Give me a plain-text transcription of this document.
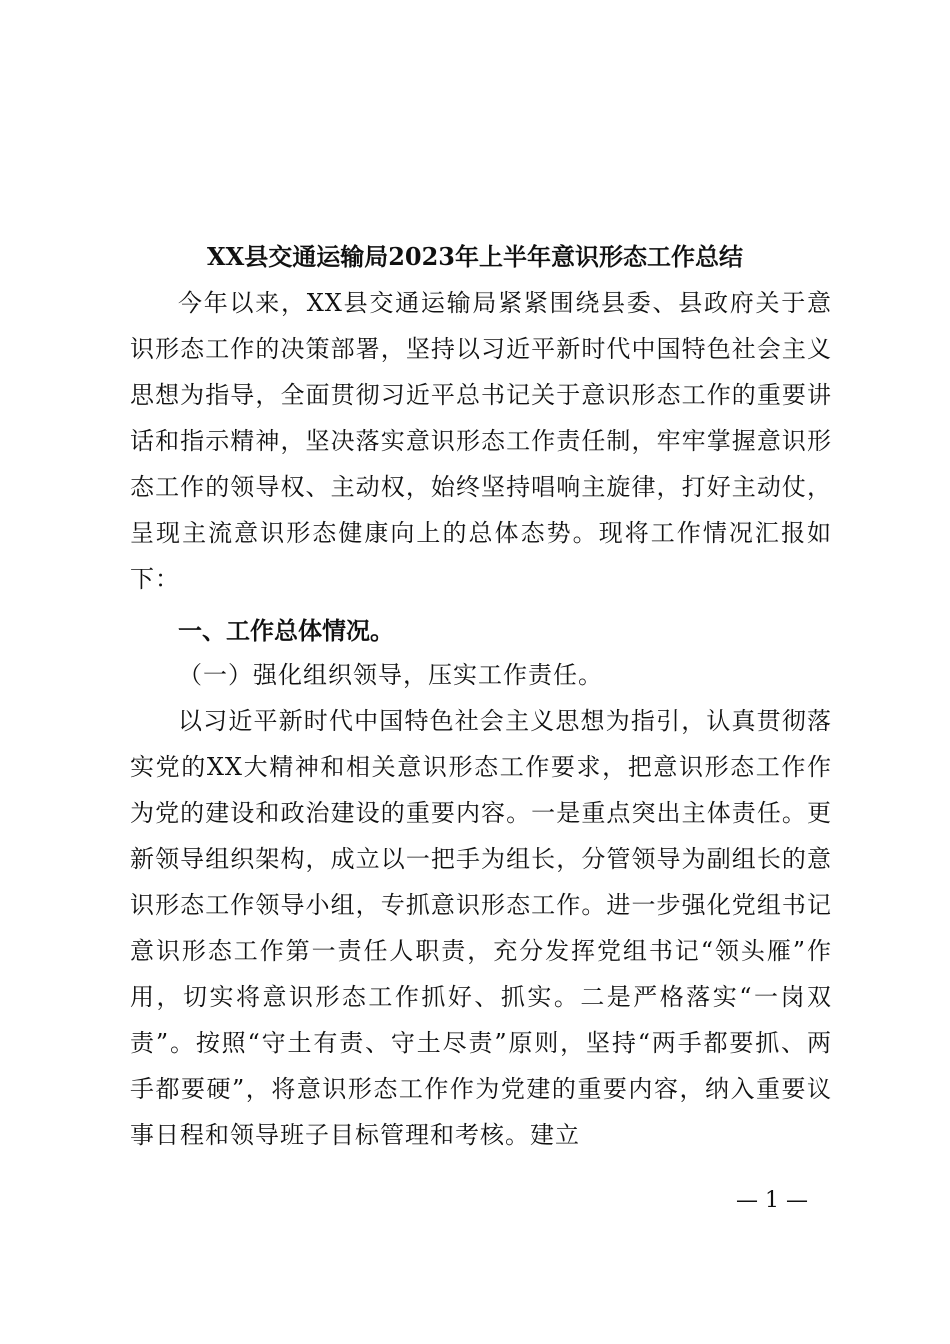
XX县交通运输局2023年上半年意识形态工作总结

今年以来，XX县交通运输局紧紧围绕县委、县政府关于意识形态工作的决策部署，坚持以习近平新时代中国特色社会主义思想为指导，全面贯彻习近平总书记关于意识形态工作的重要讲话和指示精神，坚决落实意识形态工作责任制，牢牢掌握意识形态工作的领导权、主动权，始终坚持唱响主旋律，打好主动仗，呈现主流意识形态健康向上的总体态势。现将工作情况汇报如下：

一、工作总体情况。
（一）强化组织领导，压实工作责任。

以习近平新时代中国特色社会主义思想为指引，认真贯彻落实党的XX大精神和相关意识形态工作要求，把意识形态工作作为党的建设和政治建设的重要内容。一是重点突出主体责任。更新领导组织架构，成立以一把手为组长，分管领导为副组长的意识形态工作领导小组，专抓意识形态工作。进一步强化党组书记意识形态工作第一责任人职责，充分发挥党组书记“领头雁”作用，切实将意识形态工作抓好、抓实。二是严格落实“一岗双责”。按照“守土有责、守土尽责”原则，坚持“两手都要抓、两手都要硬”，将意识形态工作作为党建的重要内容，纳入重要议事日程和领导班子目标管理和考核。建立

— 1 —
